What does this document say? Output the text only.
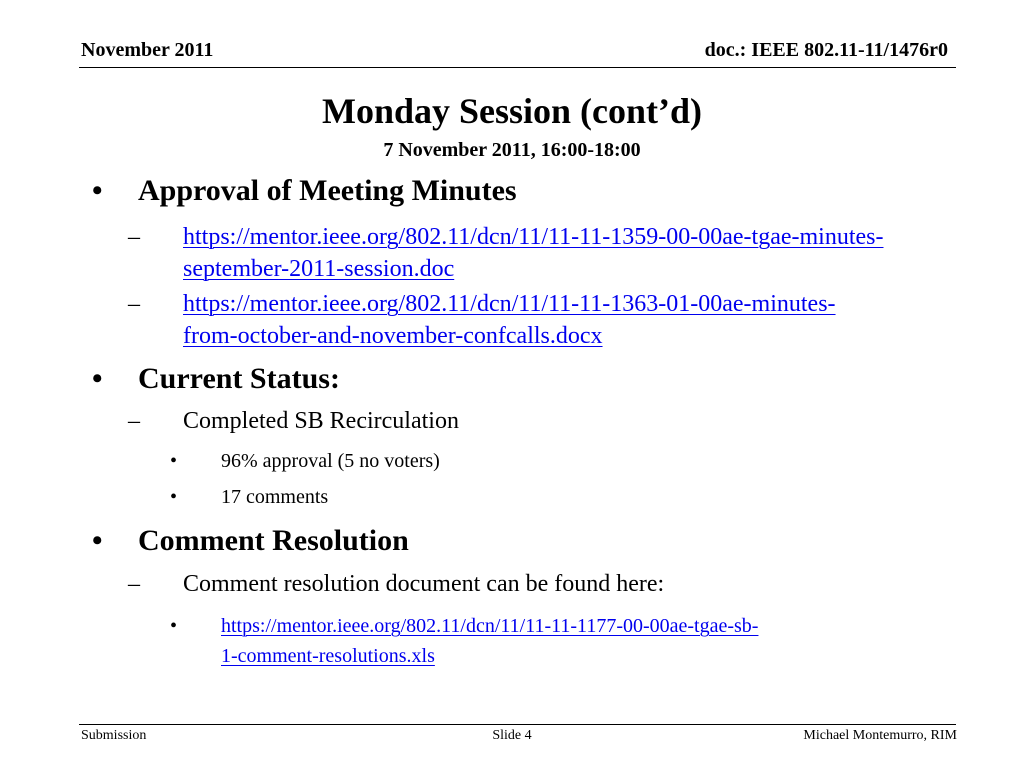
November 2011	doc.: IEEE 802.11-11/1476r0
Monday Session (cont’d)
7 November 2011, 16:00-18:00
• Approval of Meeting Minutes
– https://mentor.ieee.org/802.11/dcn/11/11-11-1359-00-00ae-tgae-minutes-
september-2011-session.doc
– https://mentor.ieee.org/802.11/dcn/11/11-11-1363-01-00ae-minutes-
from-october-and-november-confcalls.docx
• Current Status:
– Completed SB Recirculation
• 96% approval (5 no voters)
• 17 comments
• Comment Resolution
– Comment resolution document can be found here:
• https://mentor.ieee.org/802.11/dcn/11/11-11-1177-00-00ae-tgae-sb-
1-comment-resolutions.xls
Submission	Slide 4	Michael Montemurro, RIM
